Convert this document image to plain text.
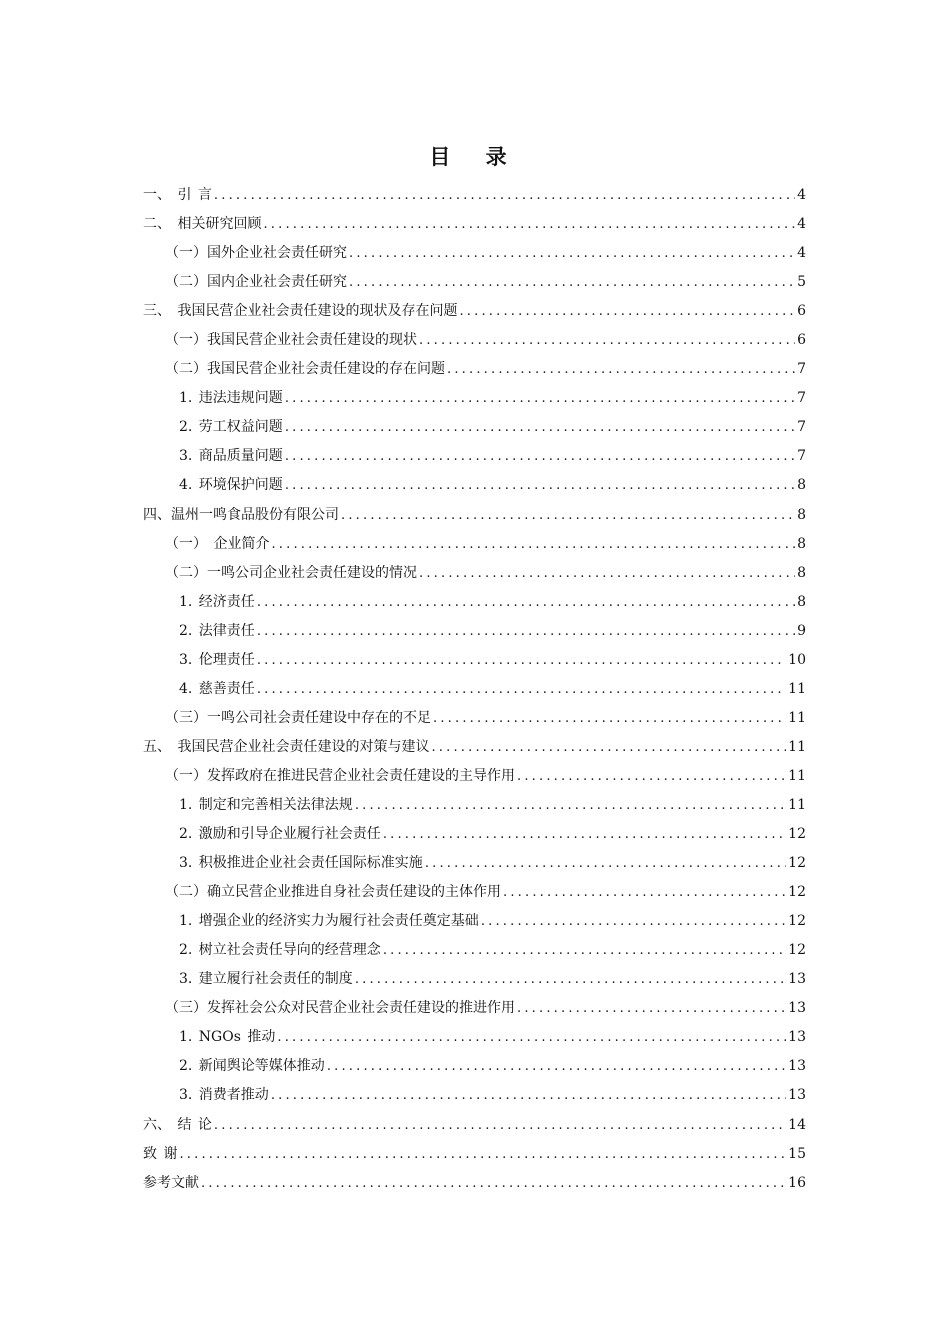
目 录
一、 引 言 .....	4
二、 相关研究回顾 .....	4
（一）国外企业社会责任研究 .....	4
（二）国内企业社会责任研究 .....	5
三、 我国民营企业社会责任建设的现状及存在问题 .....	6
（一）我国民营企业社会责任建设的现状 .....	6
（二）我国民营企业社会责任建设的存在问题 .....	7
1. 违法违规问题 .....	7
2. 劳工权益问题 .....	7
3. 商品质量问题 .....	7
4. 环境保护问题 .....	8
四、温州一鸣食品股份有限公司 .....	8
（一） 企业简介 .....	8
（二）一鸣公司企业社会责任建设的情况 .....	8
1. 经济责任 .....	8
2. 法律责任 .....	9
3. 伦理责任 .....	10
4. 慈善责任 .....	11
（三）一鸣公司社会责任建设中存在的不足 .....	11
五、 我国民营企业社会责任建设的对策与建议 .....	11
（一）发挥政府在推进民营企业社会责任建设的主导作用 .....	11
1. 制定和完善相关法律法规 .....	11
2. 激励和引导企业履行社会责任 .....	12
3. 积极推进企业社会责任国际标准实施 .....	12
（二）确立民营企业推进自身社会责任建设的主体作用 .....	12
1. 增强企业的经济实力为履行社会责任奠定基础 .....	12
2. 树立社会责任导向的经营理念 .....	12
3. 建立履行社会责任的制度 .....	13
（三）发挥社会公众对民营企业社会责任建设的推进作用 .....	13
1. NGOs 推动 .....	13
2. 新闻舆论等媒体推动 .....	13
3. 消费者推动 .....	13
六、 结 论 .....	14
致 谢 .....	15
参考文献 .....	16
